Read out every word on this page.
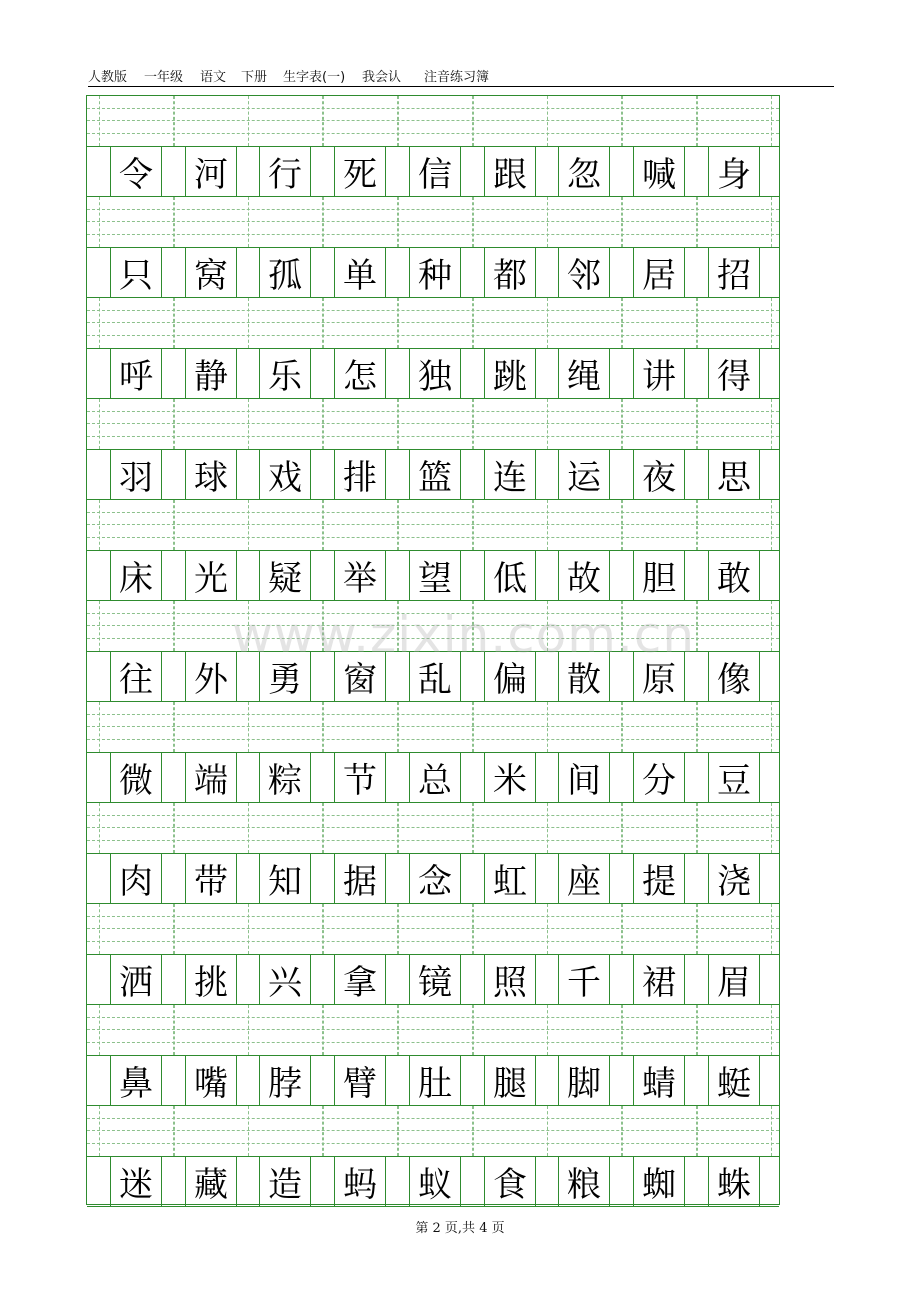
人教版 一年级 语文 下册 生字表(一) 我会认 注音练习簿
令 河 行 死 信 跟 忽 喊 身
只 窝 孤 单 种 都 邻 居 招
呼 静 乐 怎 独 跳 绳 讲 得
羽 球 戏 排 篮 连 运 夜 思
床 光 疑 举 望 低 故 胆 敢
往 外 勇 窗 乱 偏 散 原 像
微 端 粽 节 总 米 间 分 豆
肉 带 知 据 念 虹 座 提 浇
洒 挑 兴 拿 镜 照 千 裙 眉
鼻 嘴 脖 臂 肚 腿 脚 蜻 蜓
迷 藏 造 蚂 蚁 食 粮 蜘 蛛
www.zixin.com.cn
第 2 页,共 4 页
